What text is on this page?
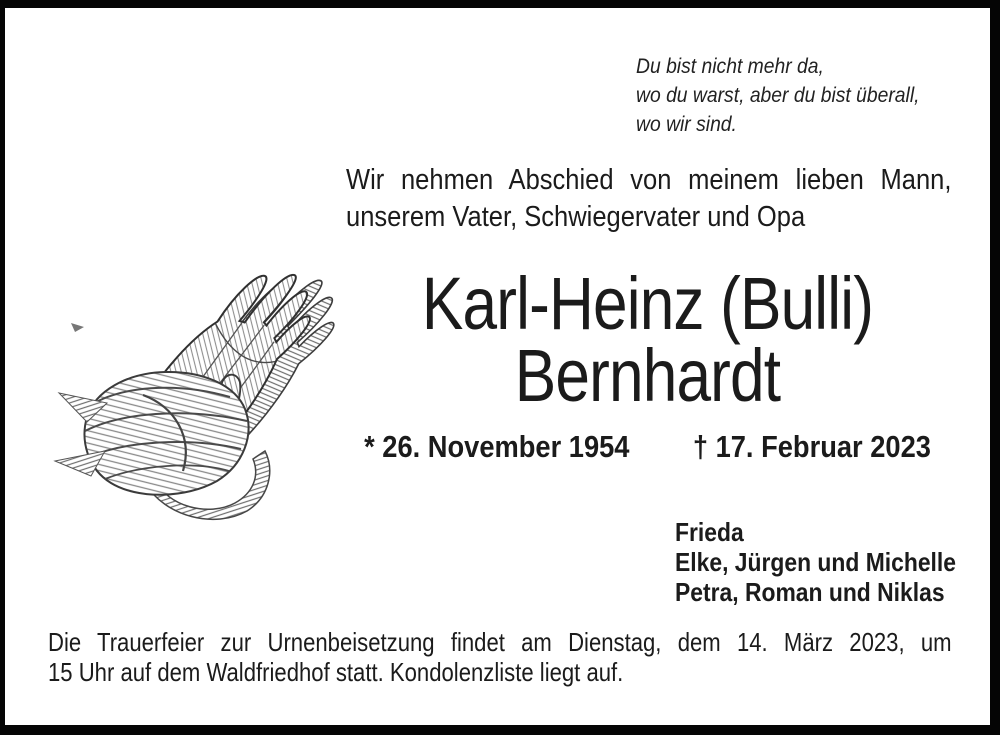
Du bist nicht mehr da,
wo du warst, aber du bist überall,
wo wir sind.
Wir nehmen Abschied von meinem lieben Mann,
unserem Vater, Schwiegervater und Opa
Karl-Heinz (Bulli)
Bernhardt
* 26. November 1954 † 17. Februar 2023
Frieda
Elke, Jürgen und Michelle
Petra, Roman und Niklas
Die Trauerfeier zur Urnenbeisetzung findet am Dienstag, dem 14. März 2023, um
15 Uhr auf dem Waldfriedhof statt. Kondolenzliste liegt auf.
